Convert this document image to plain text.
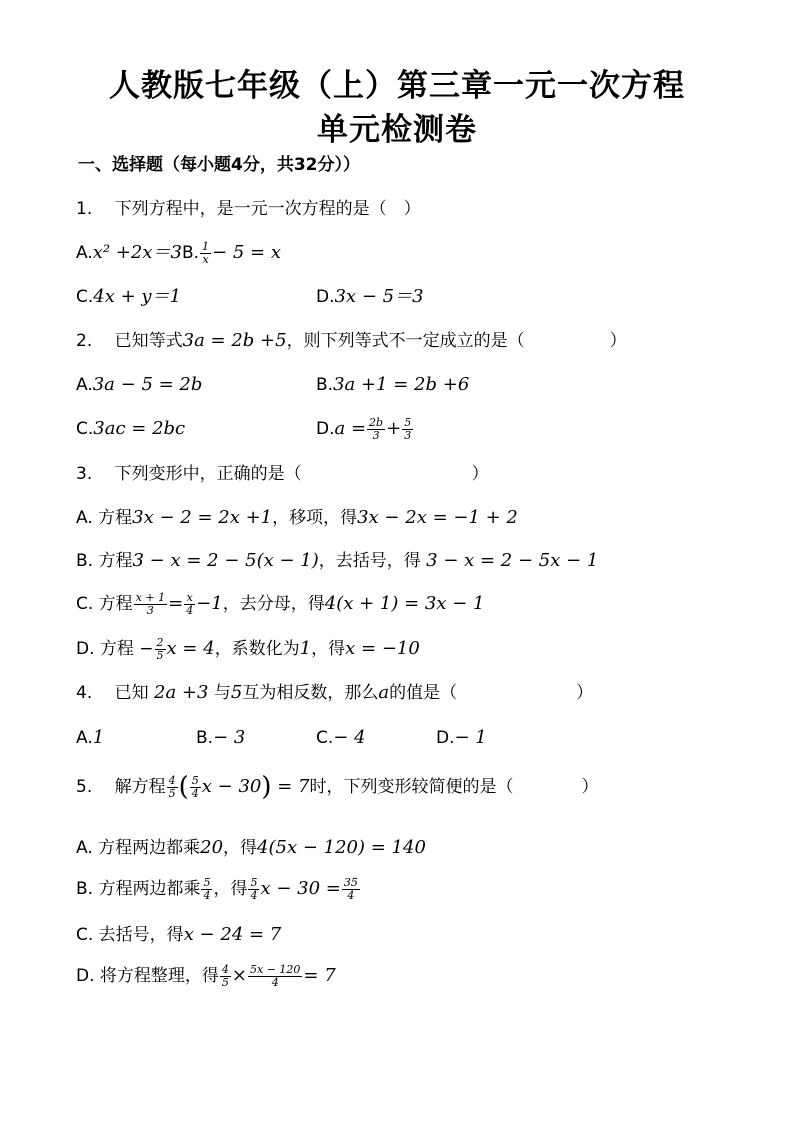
人教版七年级（上）第三章一元一次方程
单元检测卷
一、选择题（每小题4分，共32分））
1.　 下列方程中，是一元一次方程的是（　）
A.x² +2x＝3B. $\frac{1}{x} - 5 = x$
C.4x + y＝1	D.3x − 5＝3
2.　 已知等式3a = 2b +5，则下列等式不一定成立的是（　　　　　）
A.3a − 5 = 2b	B.3a +1 = 2b +6
C.3ac = 2bc	$D.a = \frac{2b}{3} + \frac{5}{3}$
3.　 下列变形中，正确的是（　　　　　　　　　　）
A. 方程3x − 2 = 2x +1，移项，得3x − 2x = −1 + 2
B. 方程3 − x = 2 − 5(x − 1)，去括号，得 3 − x = 2 − 5x − 1
C. 方程 $\frac{x + 1}{3} = \frac{x}{4} -1$，去分母，得4(x + 1) = 3x − 1
D. 方程 − $\frac{2}{5}$ x = 4，系数化为1，得x = −10
4.　 已知 2a +3 与5互为相反数，那么a的值是（　　　　　　　）
A.1	B.− 3	C.− 4	D.− 1
5.　 解方程 $\frac{4}{5}$ ( $\frac{5}{4}$ x − 30) = 7时，下列变形较简便的是（　　　　）
A. 方程两边都乘20，得4(5x − 120) = 140
B. 方程两边都乘 $\frac{5}{4}$ ，得 $\frac{5}{4}$ $x - 30 = \frac{35}{4}$
C. 去括号，得x − 24 = 7
D. 将方程整理，得 $\frac{4}{5} \times \frac{5x - 120}{4} = 7$
